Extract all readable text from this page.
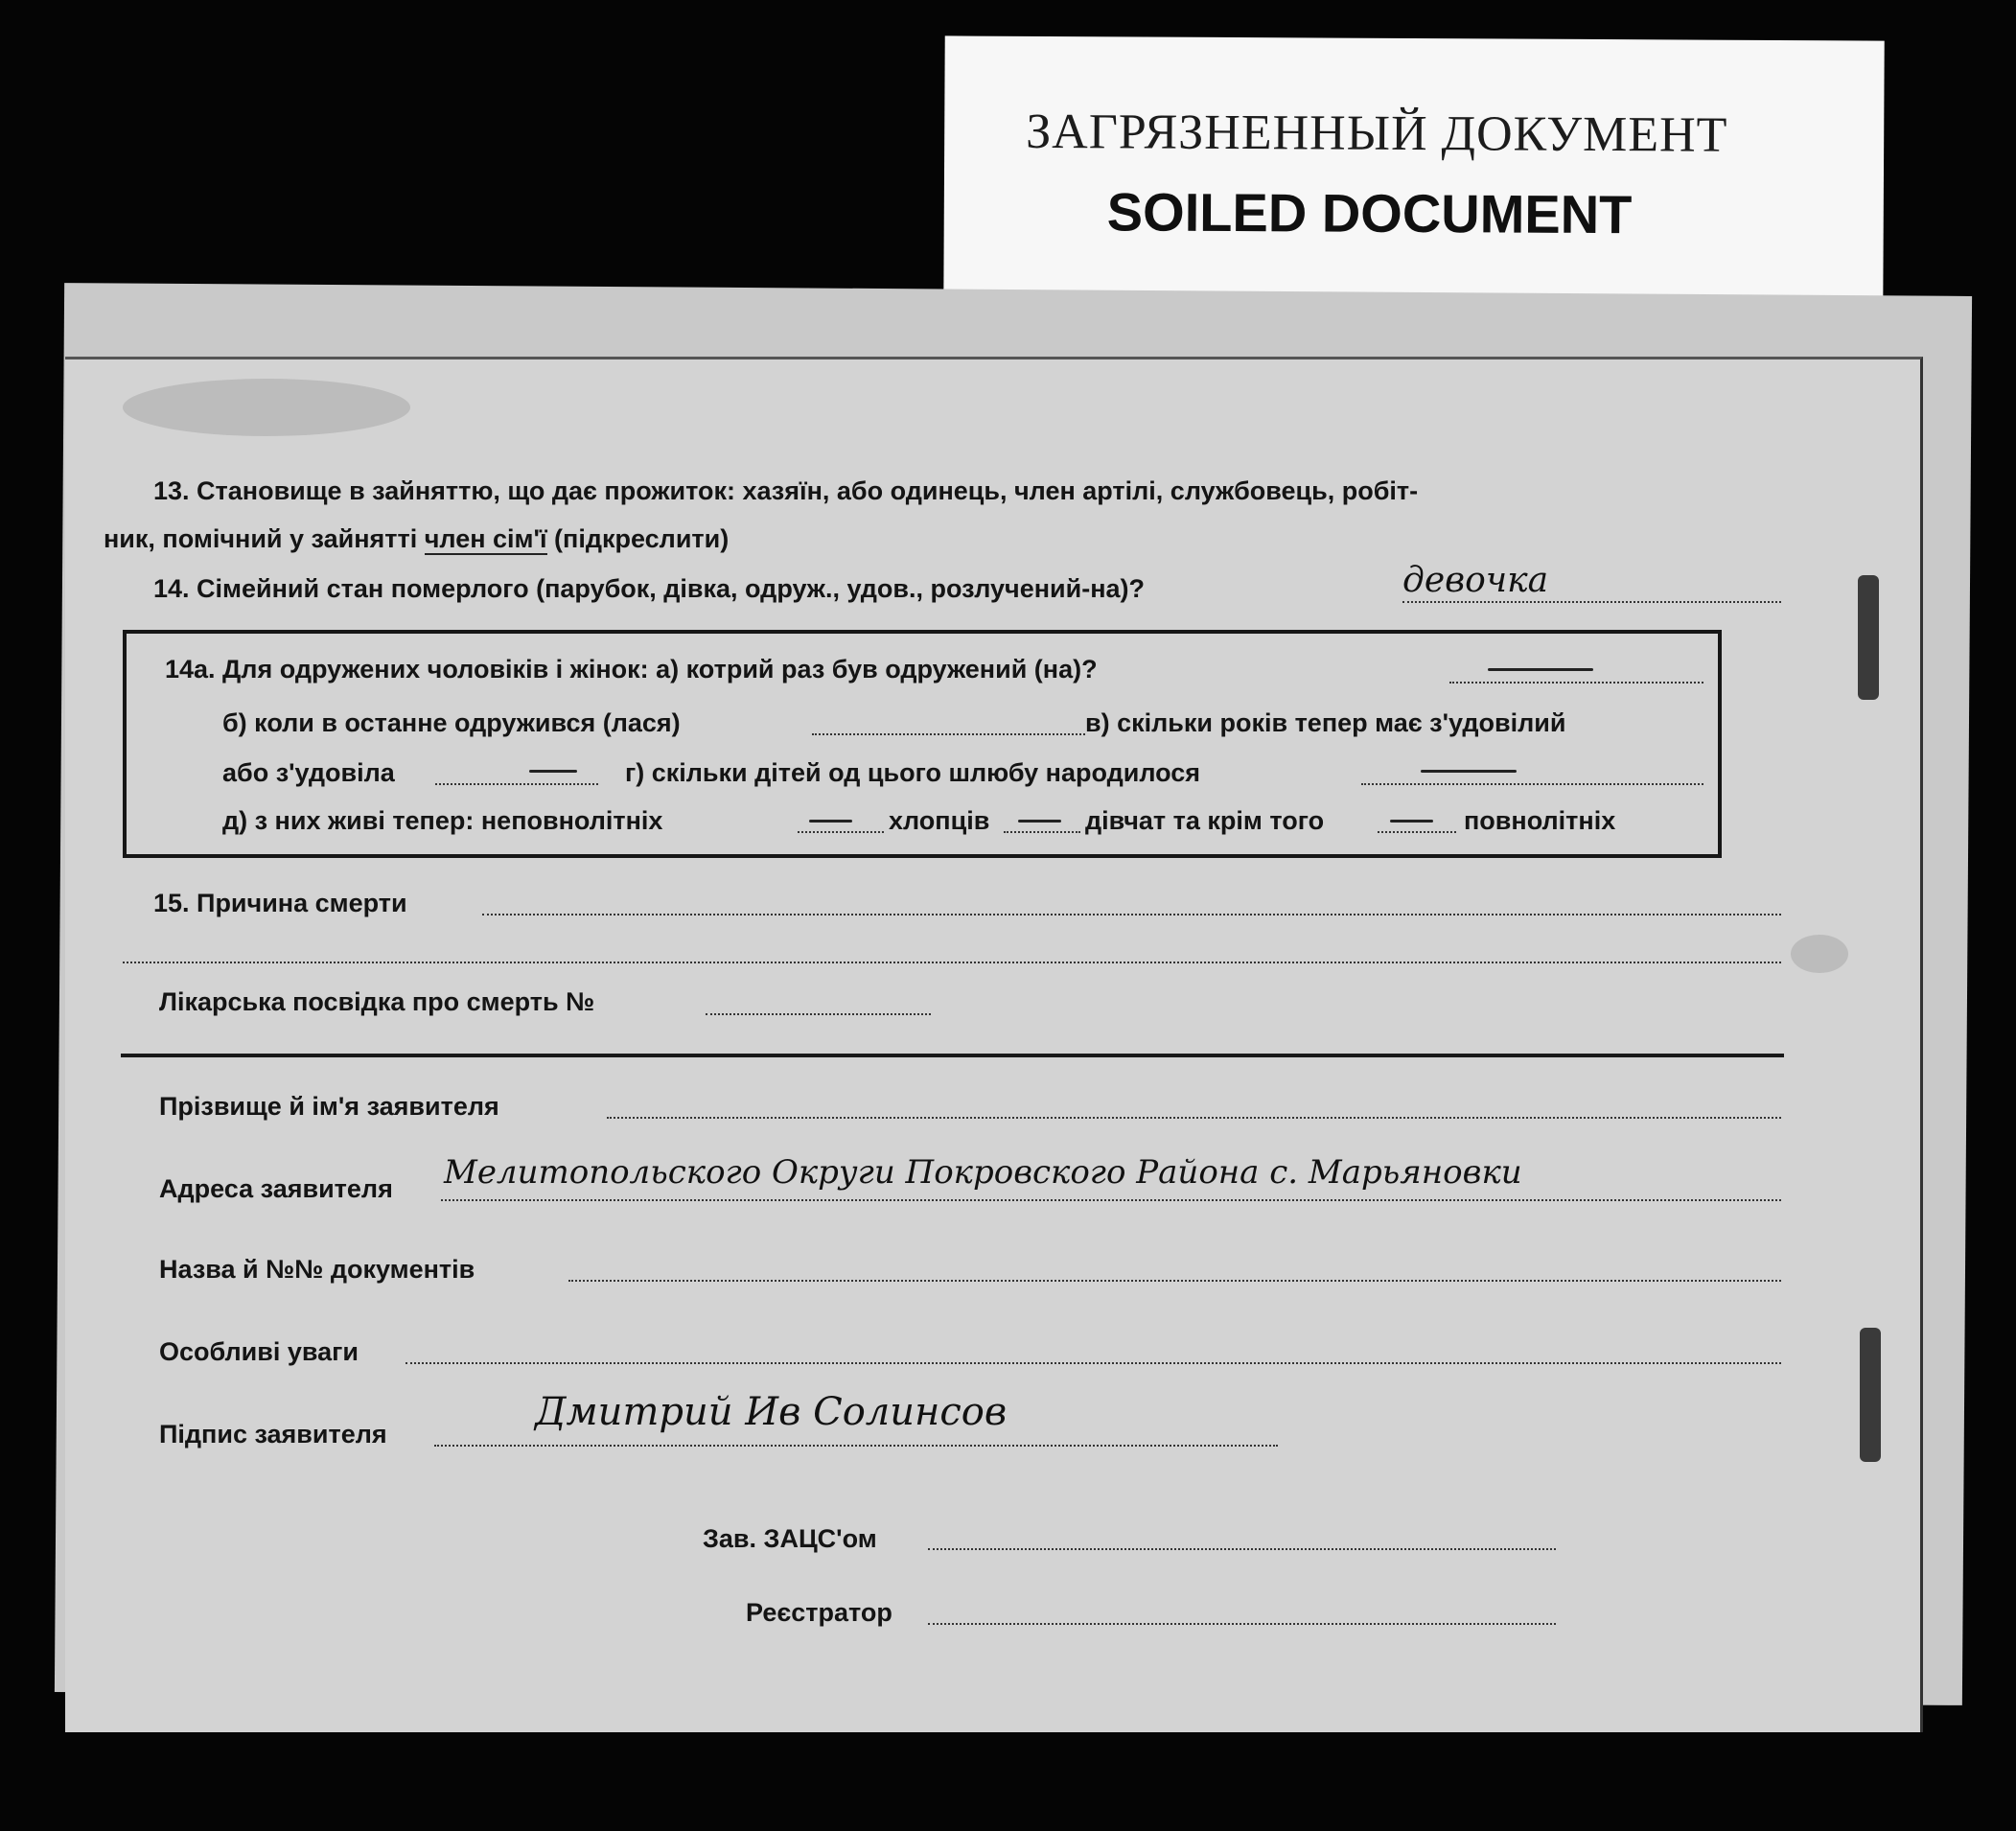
ЗАГРЯЗНЕННЫЙ ДОКУМЕНТ
SOILED DOCUMENT
13. Становище в зайняттю, що дає прожиток: хазяїн, або одинець, член артілі, службовець, робіт-
ник, помічний у зайнятті член сім'ї (підкреслити)
14. Сімейний стан померлого (парубок, дівка, одруж., удов., розлучений-на)?	девочка
14а. Для одружених чоловіків і жінок: а) котрий раз був одружений (на)?
б) коли в останне одружився (лася)	в) скільки років тепер має з'удовілий
або з'удовіла	г) скільки дітей од цього шлюбу народилося
д) з них живі тепер: неповнолітніх	хлопців	дівчат та крім того	повнолітніх
15. Причина смерти
Лікарська посвідка про смерть №
Прізвище й ім'я заявителя
Адреса заявителя Мелитопольского Округи Покровского Района с. Марьяновки
Назва й №№ документів
Особливі уваги
Підпис заявителя	Дмитрий Ив Солинсов
Зав. ЗАЦС'ом
Реєстратор
